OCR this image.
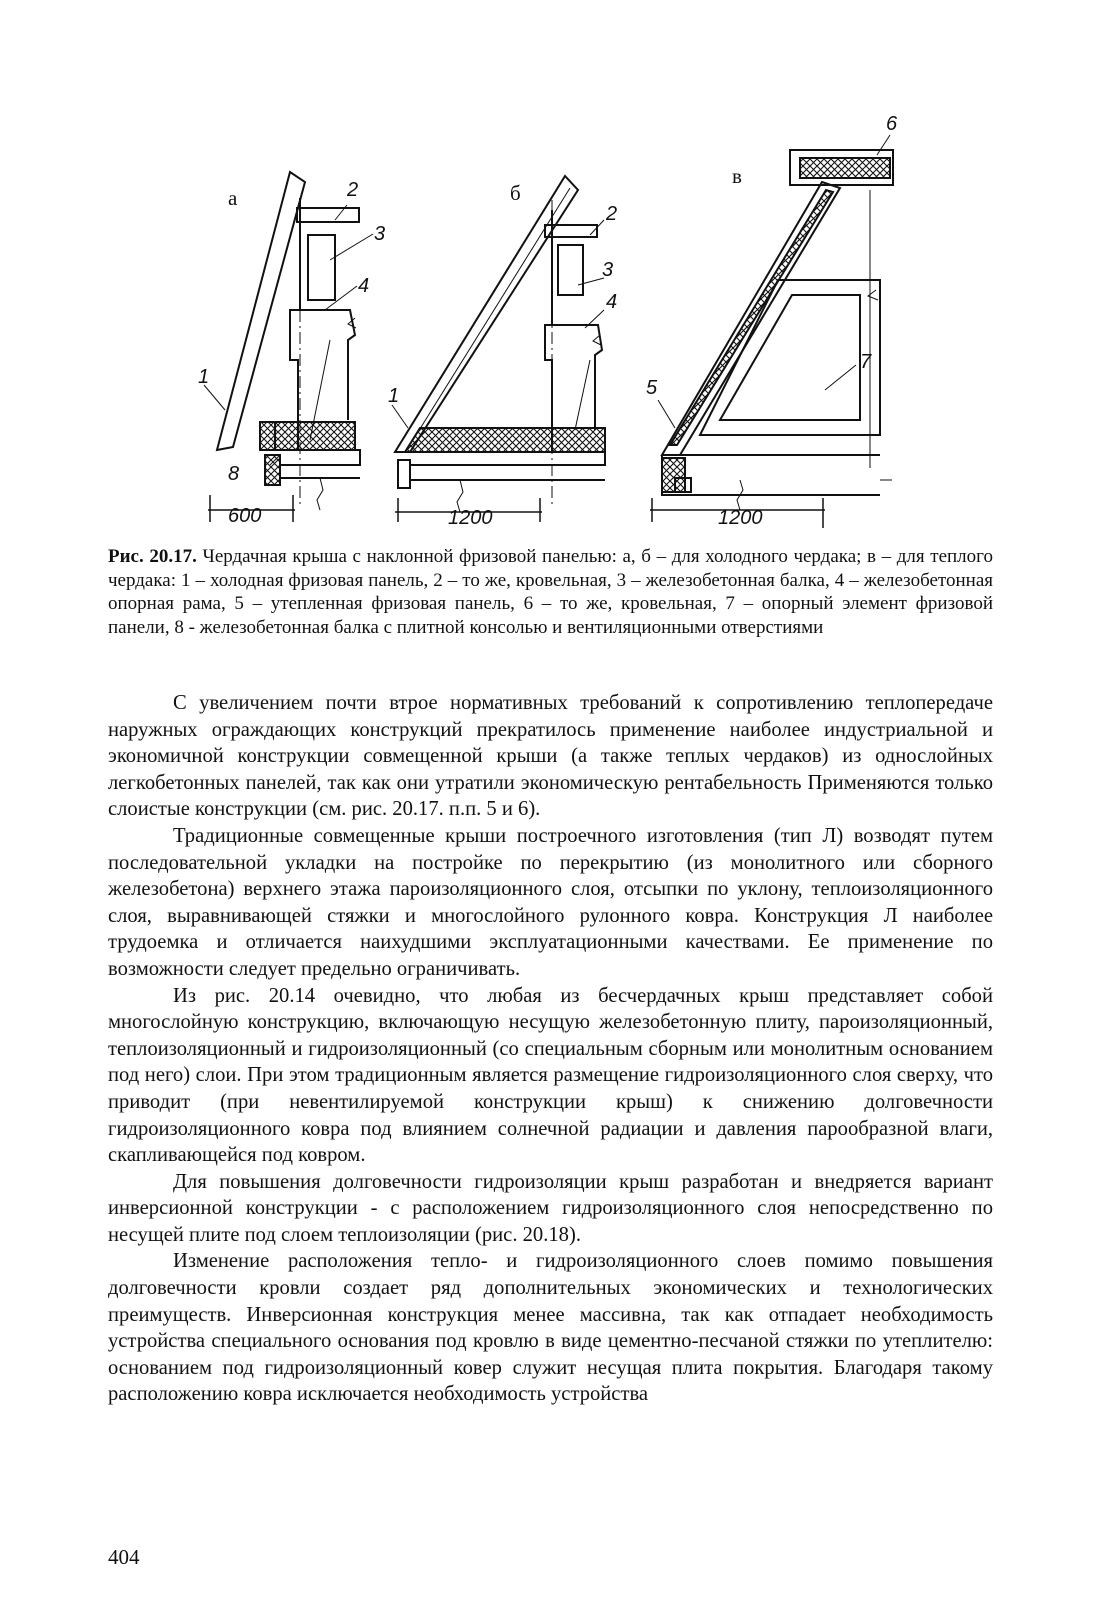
а	б
в
1
2
3
4
8
1
2
3
4
5
6
7
600	1200	1200
Рис. 20.17. Чердачная крыша с наклонной фризовой панелью: а, б – для холодного чердака; в – для теплого чердака: 1 – холодная фризовая панель, 2 – то же, кровельная, 3 – железобетонная балка, 4 – железобетонная опорная рама, 5 – утепленная фризовая панель, 6 – то же, кровельная, 7 – опорный элемент фризовой панели, 8 - железобетонная балка с плитной консолью и вентиляционными отверстиями

С увеличением почти втрое нормативных требований к сопротивлению теплопередаче наружных ограждающих конструкций прекратилось применение наиболее индустриальной и экономичной конструкции совмещенной крыши (а также теплых чердаков) из однослойных легкобетонных панелей, так как они утратили экономическую рентабельность Применяются только слоистые конструкции (см. рис. 20.17. п.п. 5 и 6).

Традиционные совмещенные крыши построечного изготовления (тип Л) возводят путем последовательной укладки на постройке по перекрытию (из монолитного или сборного железобетона) верхнего этажа пароизоляционного слоя, отсыпки по уклону, теплоизоляционного слоя, выравнивающей стяжки и многослойного рулонного ковра. Конструкция Л наиболее трудоемка и отличается наихудшими эксплуатационными качествами. Ее применение по возможности следует предельно ограничивать.

Из рис. 20.14 очевидно, что любая из бесчердачных крыш представляет собой многослойную конструкцию, включающую несущую железобетонную плиту, пароизоляционный, теплоизоляционный и гидроизоляционный (со специальным сборным или монолитным основанием под него) слои. При этом традиционным является размещение гидроизоляционного слоя сверху, что приводит (при невентилируемой конструкции крыш) к снижению долговечности гидроизоляционного ковра под влиянием солнечной радиации и давления парообразной влаги, скапливающейся под ковром.

Для повышения долговечности гидроизоляции крыш разработан и внедряется вариант инверсионной конструкции - с расположением гидроизоляционного слоя непосредственно по несущей плите под слоем теплоизоляции (рис. 20.18).

Изменение расположения тепло- и гидроизоляционного слоев помимо повышения долговечности кровли создает ряд дополнительных экономических и технологических преимуществ. Инверсионная конструкция менее массивна, так как отпадает необходимость устройства специального основания под кровлю в виде цементно-песчаной стяжки по утеплителю: основанием под гидроизоляционный ковер служит несущая плита покрытия. Благодаря такому расположению ковра исключается необходимость устройства

404
